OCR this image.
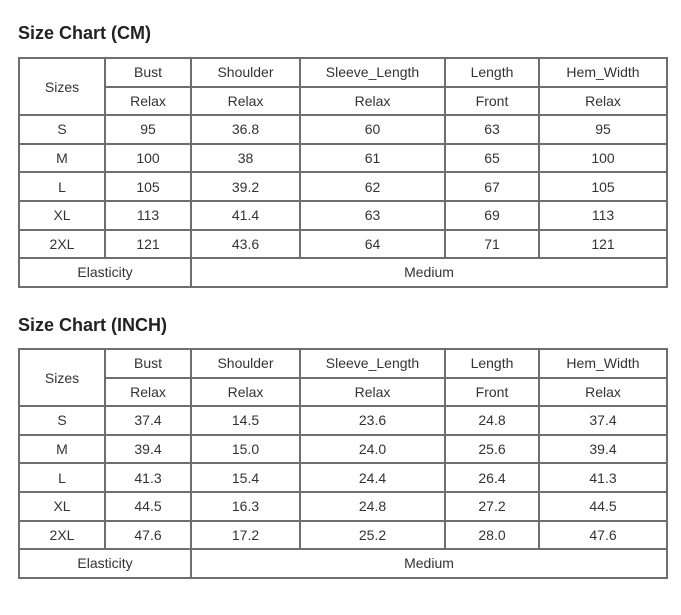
Size Chart (CM)
Sizes	Bust	Shoulder	Sleeve_Length	Length	Hem_Width
	Relax	Relax	Relax	Front	Relax
S	95	36.8	60	63	95
M	100	38	61	65	100
L	105	39.2	62	67	105
XL	113	41.4	63	69	113
2XL	121	43.6	64	71	121
Elasticity		Medium			
Size Chart (INCH)
Sizes	Bust	Shoulder	Sleeve_Length	Length	Hem_Width
	Relax	Relax	Relax	Front	Relax
S	37.4	14.5	23.6	24.8	37.4
M	39.4	15.0	24.0	25.6	39.4
L	41.3	15.4	24.4	26.4	41.3
XL	44.5	16.3	24.8	27.2	44.5
2XL	47.6	17.2	25.2	28.0	47.6
Elasticity		Medium			
